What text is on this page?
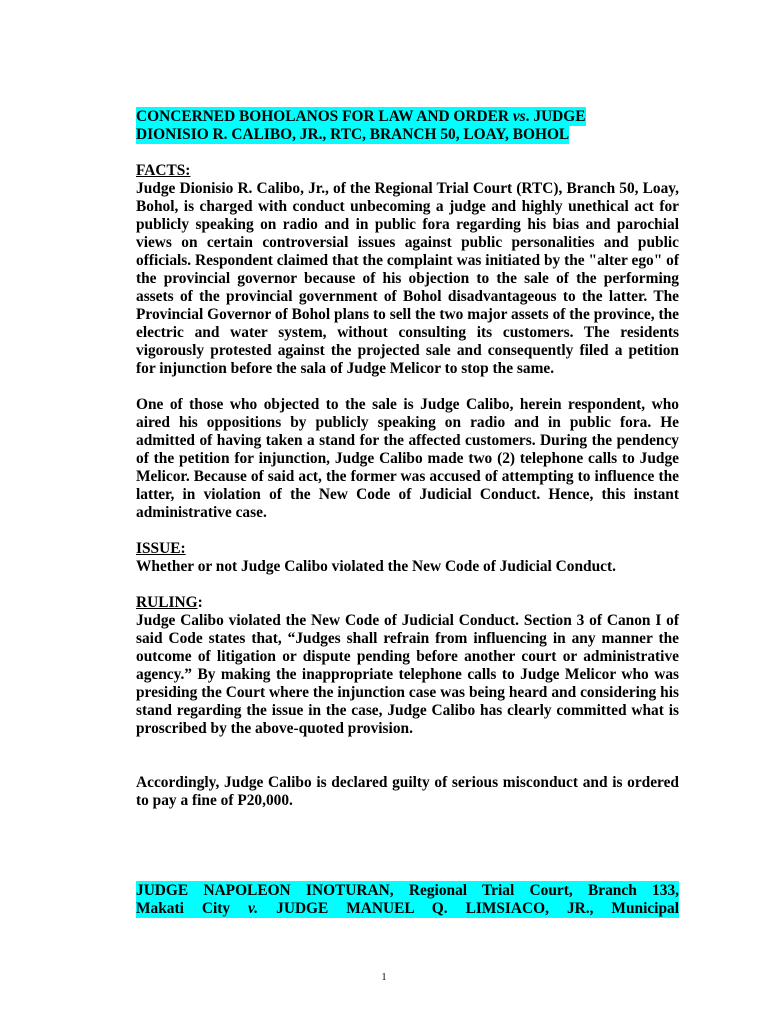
CONCERNED BOHOLANOS FOR LAW AND ORDER vs. JUDGE
DIONISIO R. CALIBO, JR., RTC, BRANCH 50, LOAY, BOHOL

FACTS:

Judge Dionisio R. Calibo, Jr., of the Regional Trial Court (RTC), Branch 50, Loay, Bohol, is charged with conduct unbecoming a judge and highly unethical act for publicly speaking on radio and in public fora regarding his bias and parochial views on certain controversial issues against public personalities and public officials. Respondent claimed that the complaint was initiated by the "alter ego" of the provincial governor because of his objection to the sale of the performing assets of the provincial government of Bohol disadvantageous to the latter. The Provincial Governor of Bohol plans to sell the two major assets of the province, the electric and water system, without consulting its customers. The residents vigorously protested against the projected sale and consequently filed a petition for injunction before the sala of Judge Melicor to stop the same.

One of those who objected to the sale is Judge Calibo, herein respondent, who aired his oppositions by publicly speaking on radio and in public fora. He admitted of having taken a stand for the affected customers. During the pendency of the petition for injunction, Judge Calibo made two (2) telephone calls to Judge Melicor. Because of said act, the former was accused of attempting to influence the latter, in violation of the New Code of Judicial Conduct. Hence, this instant administrative case.

ISSUE:

Whether or not Judge Calibo violated the New Code of Judicial Conduct.

RULING:

Judge Calibo violated the New Code of Judicial Conduct. Section 3 of Canon I of said Code states that, “Judges shall refrain from influencing in any manner the outcome of litigation or dispute pending before another court or administrative agency.” By making the inappropriate telephone calls to Judge Melicor who was presiding the Court where the injunction case was being heard and considering his stand regarding the issue in the case, Judge Calibo has clearly committed what is proscribed by the above-quoted provision.

Accordingly, Judge Calibo is declared guilty of serious misconduct and is ordered to pay a fine of P20,000.

JUDGE NAPOLEON INOTURAN, Regional Trial Court, Branch 133,
Makati City v. JUDGE MANUEL Q. LIMSIACO, JR., Municipal
1
